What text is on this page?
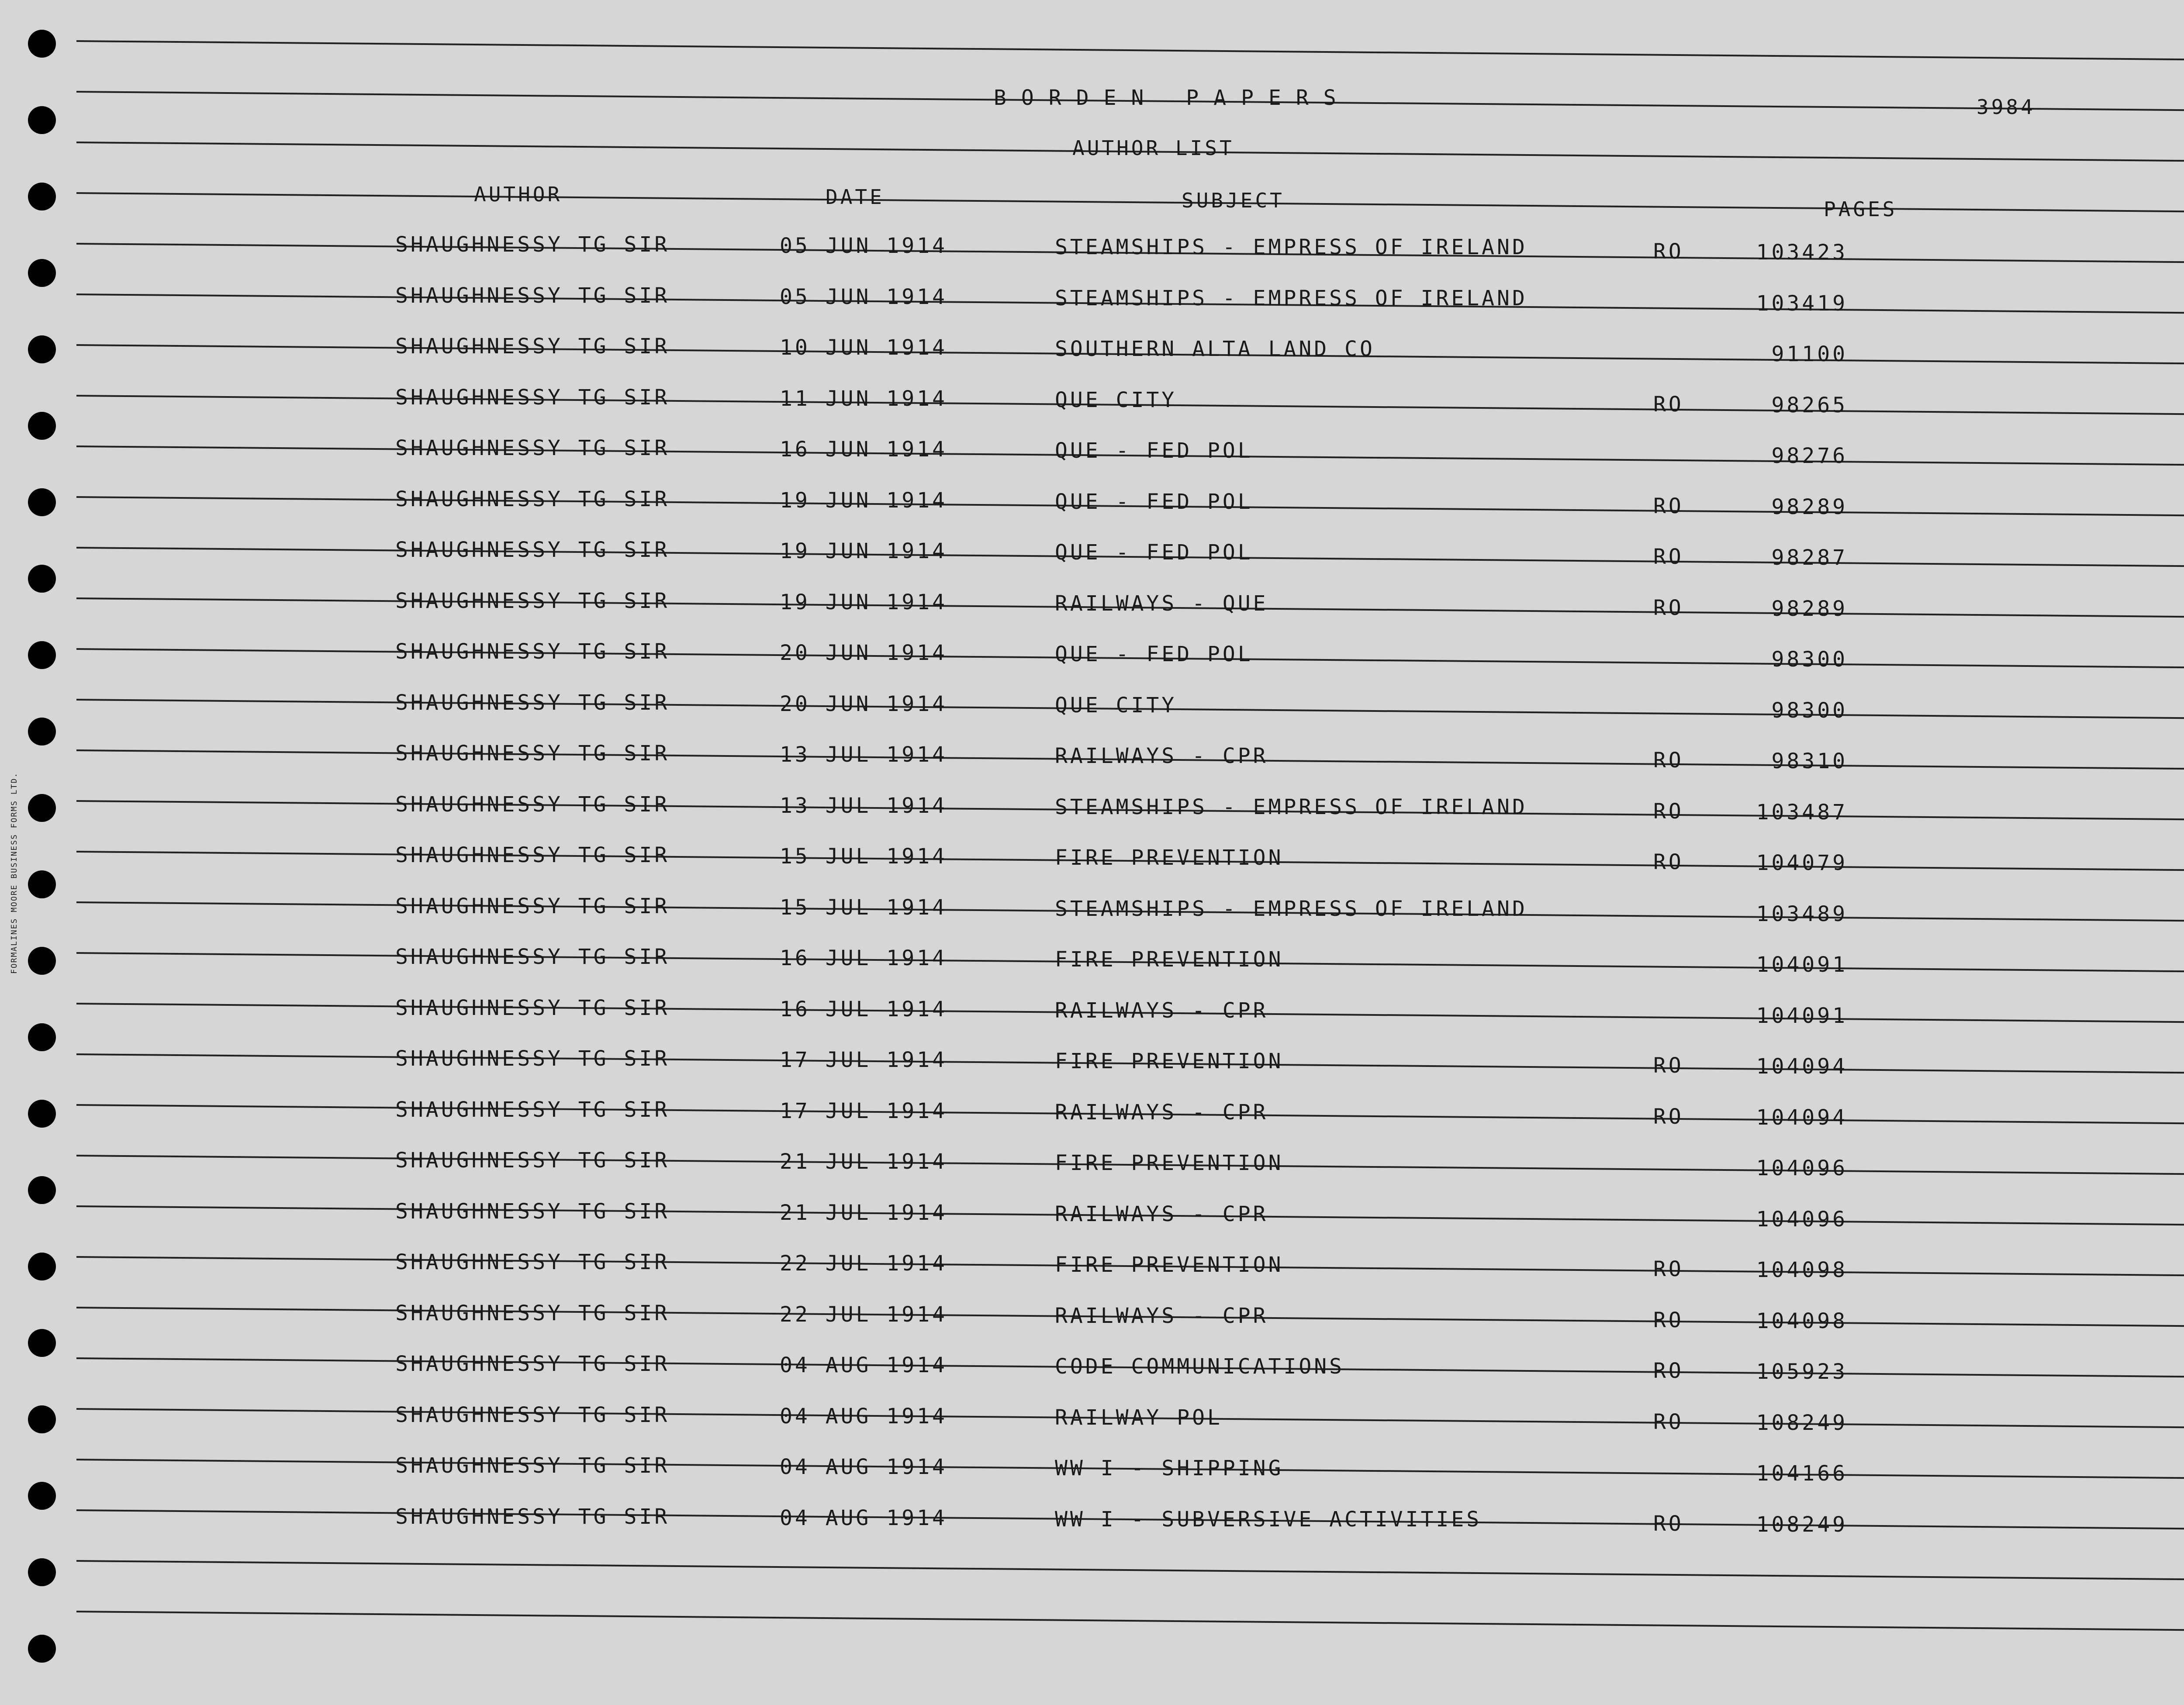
BORDEN PAPERS	3984
AUTHOR LIST
AUTHOR	DATE	SUBJECT	PAGES
SHAUGHNESSY TG SIR	05 JUN 1914	STEAMSHIPS - EMPRESS OF IRELAND	RO	103423
SHAUGHNESSY TG SIR	05 JUN 1914	STEAMSHIPS - EMPRESS OF IRELAND	103419
SHAUGHNESSY TG SIR	10 JUN 1914	SOUTHERN ALTA LAND CO	91100
SHAUGHNESSY TG SIR	11 JUN 1914	QUE CITY	RO	98265
SHAUGHNESSY TG SIR	16 JUN 1914	QUE - FED POL	98276
SHAUGHNESSY TG SIR	19 JUN 1914	QUE - FED POL	RO	98289
SHAUGHNESSY TG SIR	19 JUN 1914	QUE - FED POL	RO	98287
SHAUGHNESSY TG SIR	19 JUN 1914	RAILWAYS - QUE	RO	98289
SHAUGHNESSY TG SIR	20 JUN 1914	QUE - FED POL	98300
SHAUGHNESSY TG SIR	20 JUN 1914	QUE CITY	98300
SHAUGHNESSY TG SIR	13 JUL 1914	RAILWAYS - CPR	RO	98310
SHAUGHNESSY TG SIR	13 JUL 1914	STEAMSHIPS - EMPRESS OF IRELAND	RO	103487
SHAUGHNESSY TG SIR	15 JUL 1914	FIRE PREVENTION	RO	104079
SHAUGHNESSY TG SIR	15 JUL 1914	STEAMSHIPS - EMPRESS OF IRELAND	103489
SHAUGHNESSY TG SIR	16 JUL 1914	FIRE PREVENTION	104091
SHAUGHNESSY TG SIR	16 JUL 1914	RAILWAYS - CPR	104091
SHAUGHNESSY TG SIR	17 JUL 1914	FIRE PREVENTION	RO	104094
SHAUGHNESSY TG SIR	17 JUL 1914	RAILWAYS - CPR	RO	104094
SHAUGHNESSY TG SIR	21 JUL 1914	FIRE PREVENTION	104096
SHAUGHNESSY TG SIR	21 JUL 1914	RAILWAYS - CPR	104096
SHAUGHNESSY TG SIR	22 JUL 1914	FIRE PREVENTION	RO	104098
SHAUGHNESSY TG SIR	22 JUL 1914	RAILWAYS - CPR	RO	104098
SHAUGHNESSY TG SIR	04 AUG 1914	CODE COMMUNICATIONS	RO	105923
SHAUGHNESSY TG SIR	04 AUG 1914	RAILWAY POL	RO	108249
SHAUGHNESSY TG SIR	04 AUG 1914	WW I - SHIPPING	104166
SHAUGHNESSY TG SIR	04 AUG 1914	WW I - SUBVERSIVE ACTIVITIES	RO	108249
FORMALINES MOORE BUSINESS FORMS LTD.
